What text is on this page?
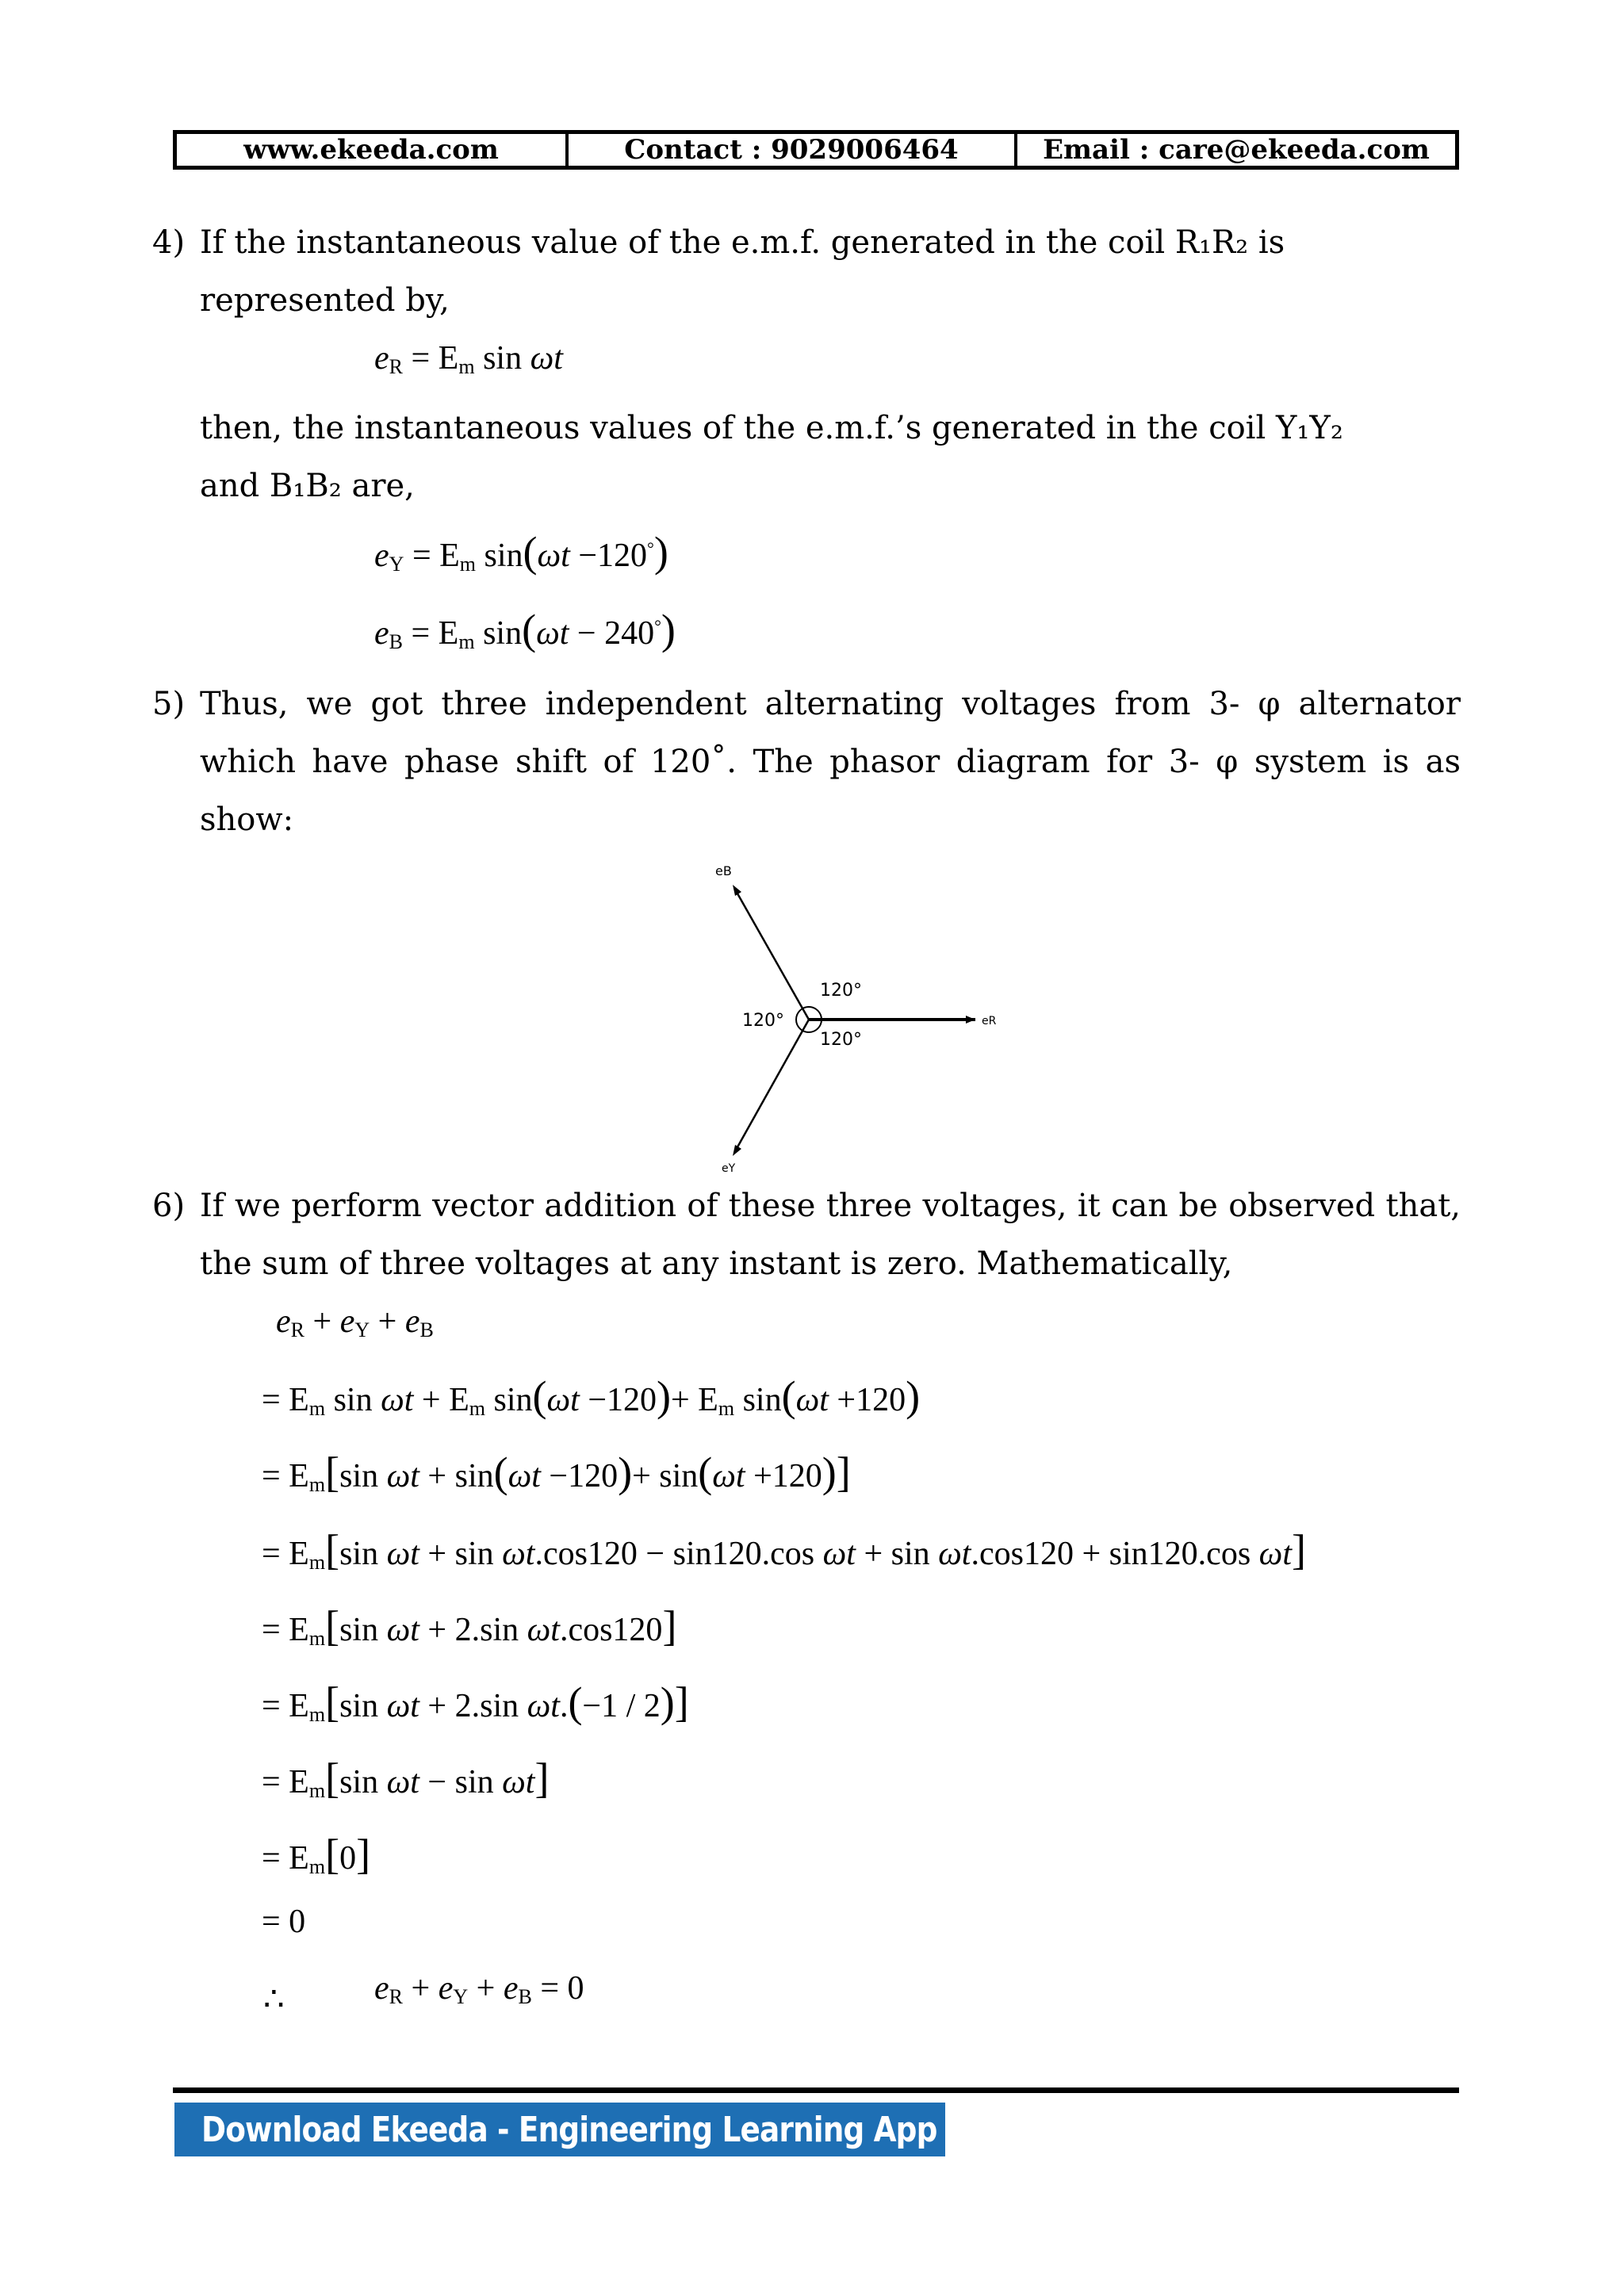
www.ekeeda.com	Contact : 9029006464	Email : care@ekeeda.com
4) If the instantaneous value of the e.m.f. generated in the coil R₁R₂ is
represented by,
$e_R = E_m$ sin ωt
then, the instantaneous values of the e.m.f.’s generated in the coil Y₁Y₂
and B₁B₂ are,
$e_Y = E_m$ sin(ωt −120°)
$e_B = E_m$ sin(ωt − 240°)
5) Thus, we got three independent alternating voltages from 3- φ alternator which have phase shift of 120˚. The phasor diagram for 3- φ system is as show:
eB
eR
eY
120°
120°
120°
6) If we perform vector addition of these three voltages, it can be observed that, the sum of three voltages at any instant is zero. Mathematically,
$e_R + e_Y + e_B$
= $E_m$ $\sin \omega t + E_m$ $\sin(\omega t -120)+ E_m$ sin(ωt +120)
= $E_m[\sin$ ωt + sin(ωt −120)+ sin(ωt +120)]
= $E_m[\sin$ ωt + sin ωt.cos120 − sin120.cos ωt + sin ωt.cos120 + sin120.cos ωt]
= $E_m[\sin$ ωt + 2.sin ωt.cos120]
= $E_m[\sin$ ωt + 2.sin ωt.(−1 / 2)]
= $E_m[\sin$ ωt − sin ωt]
= $E_m[0]$
= 0
∴	$e_R + e_Y + e_B = 0$
Download Ekeeda - Engineering Learning App
